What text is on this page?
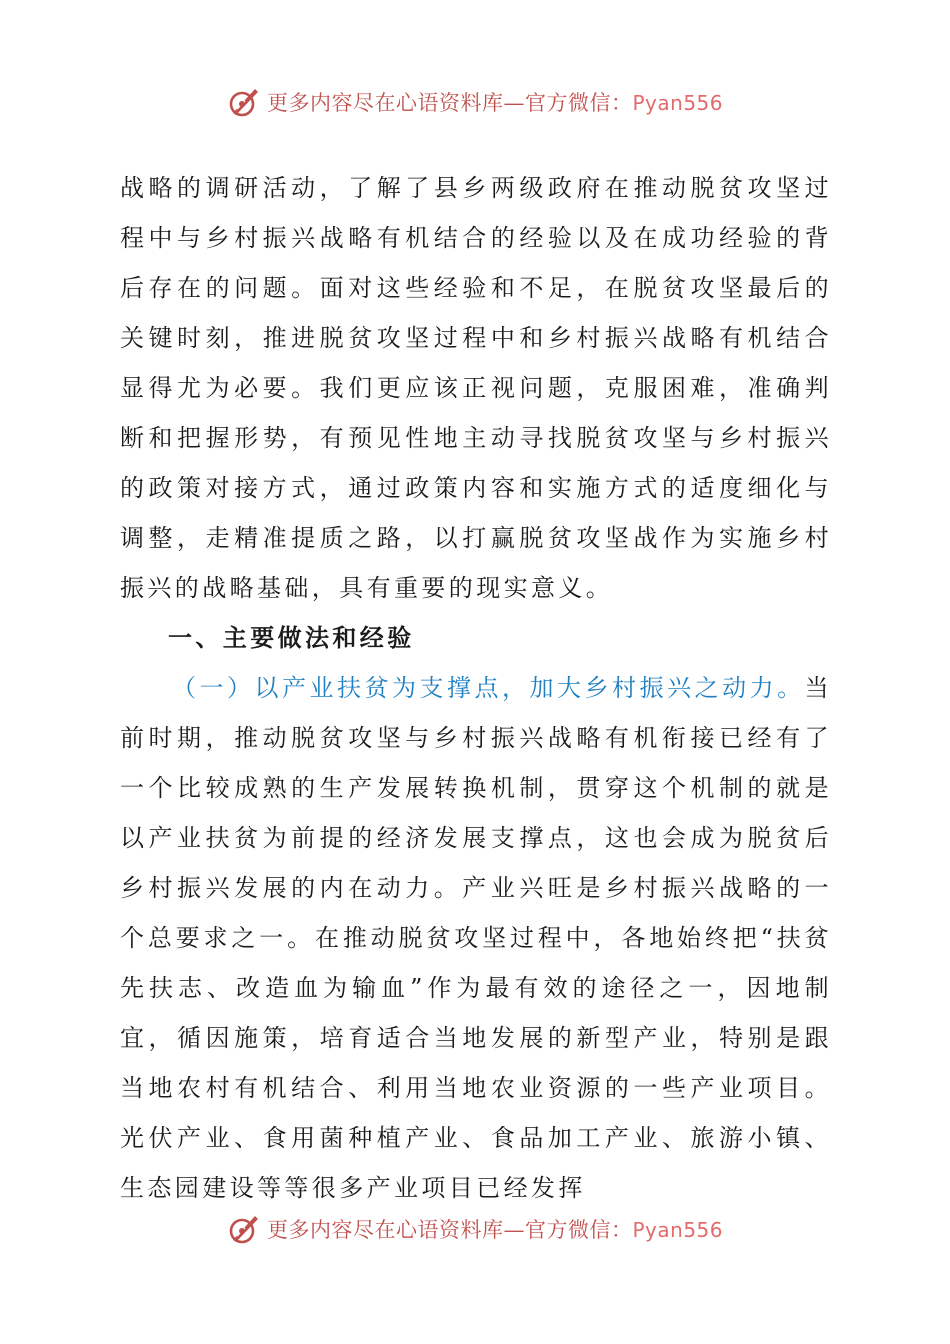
更多内容尽在心语资料库—官方微信：Pyan556

战略的调研活动，了解了县乡两级政府在推动脱贫攻坚过程中与乡村振兴战略有机结合的经验以及在成功经验的背后存在的问题。面对这些经验和不足，在脱贫攻坚最后的关键时刻，推进脱贫攻坚过程中和乡村振兴战略有机结合显得尤为必要。我们更应该正视问题，克服困难，准确判断和把握形势，有预见性地主动寻找脱贫攻坚与乡村振兴的政策对接方式，通过政策内容和实施方式的适度细化与调整，走精准提质之路，以打赢脱贫攻坚战作为实施乡村振兴的战略基础，具有重要的现实意义。

一、主要做法和经验

（一）以产业扶贫为支撑点，加大乡村振兴之动力。当前时期，推动脱贫攻坚与乡村振兴战略有机衔接已经有了一个比较成熟的生产发展转换机制，贯穿这个机制的就是以产业扶贫为前提的经济发展支撑点，这也会成为脱贫后乡村振兴发展的内在动力。产业兴旺是乡村振兴战略的一个总要求之一。在推动脱贫攻坚过程中，各地始终把“扶贫先扶志、改造血为输血”作为最有效的途径之一，因地制宜，循因施策，培育适合当地发展的新型产业，特别是跟当地农村有机结合、利用当地农业资源的一些产业项目。光伏产业、食用菌种植产业、食品加工产业、旅游小镇、生态园建设等等很多产业项目已经发挥

更多内容尽在心语资料库—官方微信：Pyan556
